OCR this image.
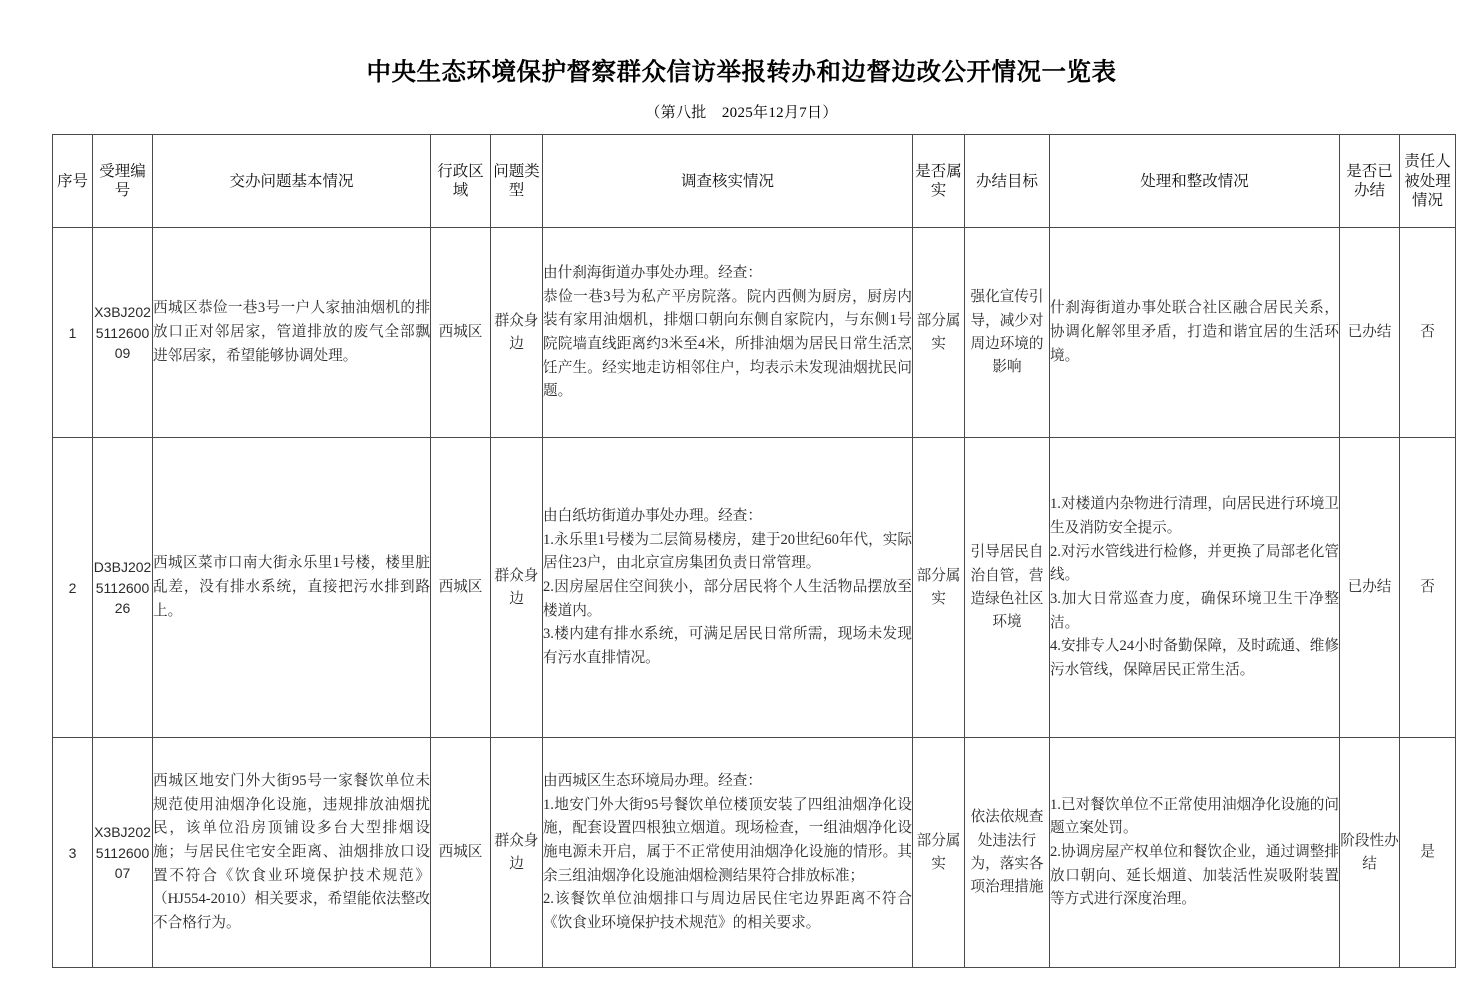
中央生态环境保护督察群众信访举报转办和边督边改公开情况一览表
（第八批　2025年12月7日）
序号	受理编号	交办问题基本情况	行政区域	问题类型	调查核实情况	是否属实	办结目标	处理和整改情况	是否已办结	责任人被处理情况

1	X3BJ202511260009	西城区恭俭一巷3号一户人家抽油烟机的排放口正对邻居家，管道排放的废气全部飘进邻居家，希望能够协调处理。	西城区	群众身边	由什刹海街道办事处办理。经查：

恭俭一巷3号为私产平房院落。院内西侧为厨房，厨房内装有家用油烟机，排烟口朝向东侧自家院内，与东侧1号院院墙直线距离约3米至4米，所排油烟为居民日常生活烹饪产生。经实地走访相邻住户，均表示未发现油烟扰民问题。	部分属实	强化宣传引导，减少对周边环境的影响	什刹海街道办事处联合社区融合居民关系，协调化解邻里矛盾，打造和谐宜居的生活环境。	已办结	否
2	D3BJ202511260026	西城区菜市口南大街永乐里1号楼，楼里脏乱差，没有排水系统，直接把污水排到路上。	西城区	群众身边	

由白纸坊街道办事处办理。经查：

1.永乐里1号楼为二层简易楼房，建于20世纪60年代，实际居住23户，由北京宣房集团负责日常管理。

2.因房屋居住空间狭小，部分居民将个人生活物品摆放至楼道内。

3.楼内建有排水系统，可满足居民日常所需，现场未发现有污水直排情况。

	部分属实	引导居民自治自管，营造绿色社区环境	

1.对楼道内杂物进行清理，向居民进行环境卫生及消防安全提示。

2.对污水管线进行检修，并更换了局部老化管线。

3.加大日常巡查力度，确保环境卫生干净整洁。

4.安排专人24小时备勤保障，及时疏通、维修污水管线，保障居民正常生活。

	已办结	否
3	X3BJ202511260007	西城区地安门外大街95号一家餐饮单位未规范使用油烟净化设施，违规排放油烟扰民，该单位沿房顶铺设多台大型排烟设施；与居民住宅安全距离、油烟排放口设置不符合《饮食业环境保护技术规范》（HJ554-2010）相关要求，希望能依法整改不合格行为。	西城区	群众身边	

由西城区生态环境局办理。经查：

1.地安门外大街95号餐饮单位楼顶安装了四组油烟净化设施，配套设置四根独立烟道。现场检查，一组油烟净化设施电源未开启，属于不正常使用油烟净化设施的情形。其余三组油烟净化设施油烟检测结果符合排放标准；

2.该餐饮单位油烟排口与周边居民住宅边界距离不符合《饮食业环境保护技术规范》的相关要求。

	部分属实	依法依规查处违法行为，落实各项治理措施	

1.已对餐饮单位不正常使用油烟净化设施的问题立案处罚。

2.协调房屋产权单位和餐饮企业，通过调整排放口朝向、延长烟道、加装活性炭吸附装置等方式进行深度治理。

	阶段性办结	是
